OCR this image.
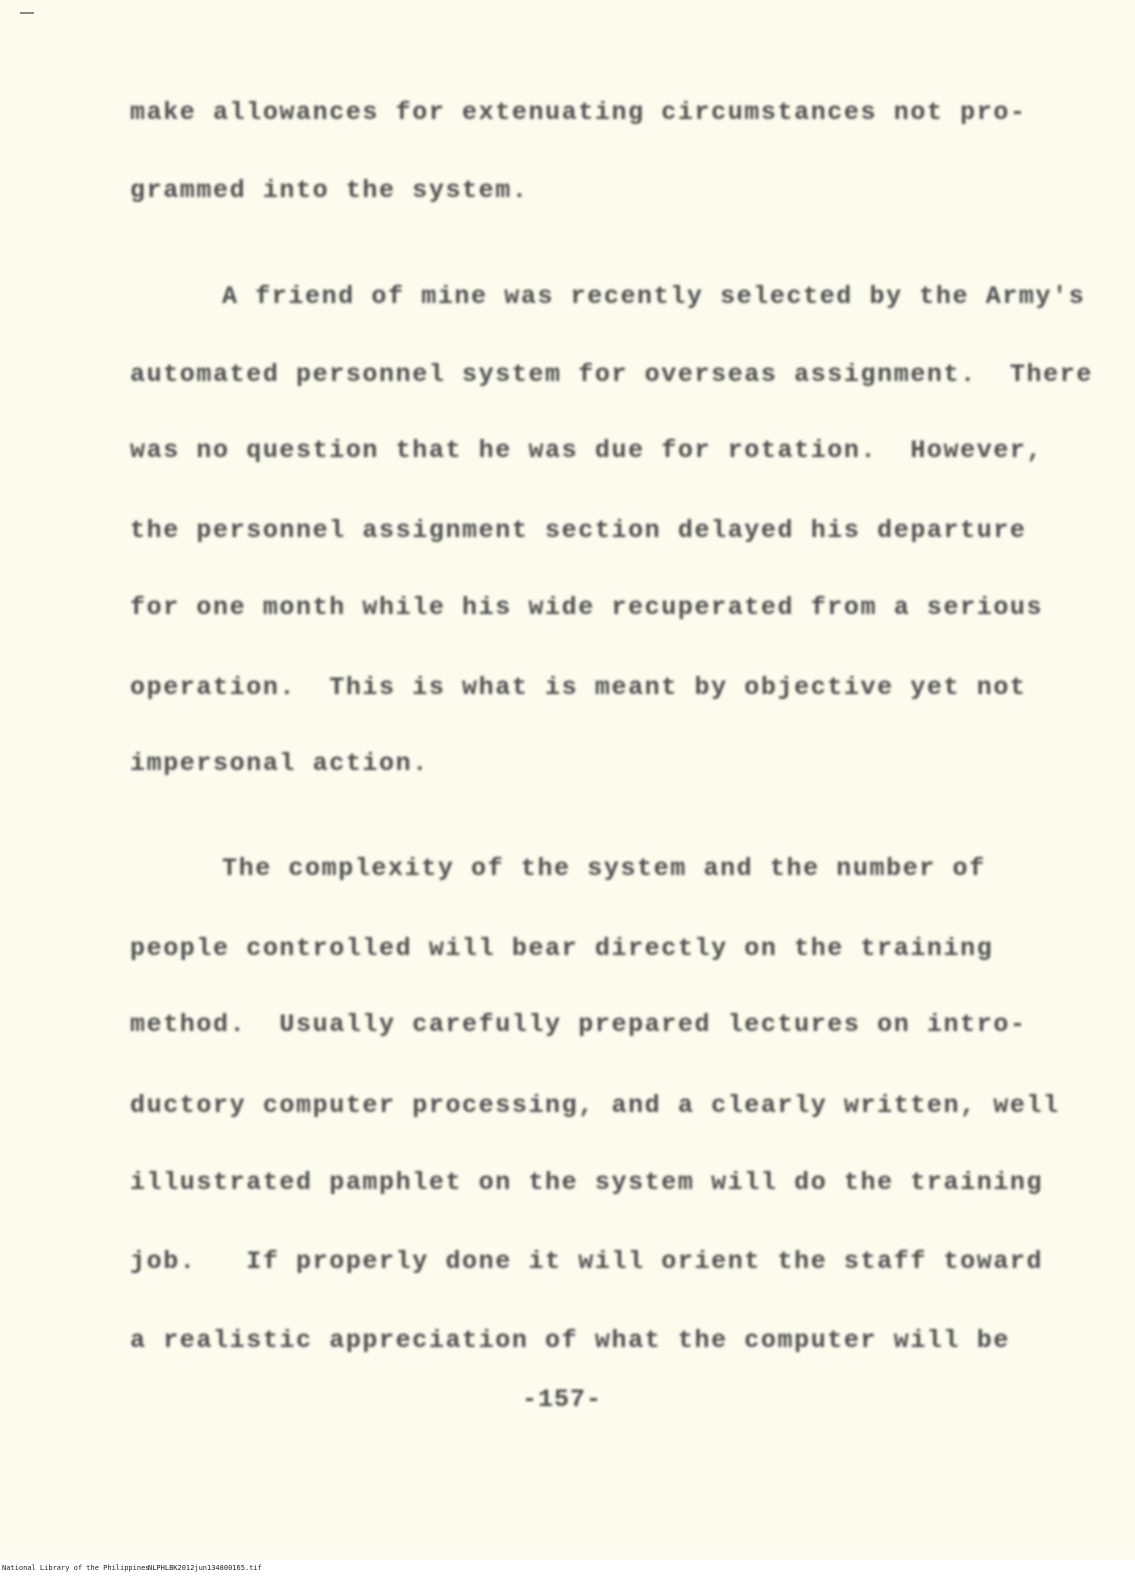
make allowances for extenuating circumstances not pro-
grammed into the system.
A friend of mine was recently selected by the Army's
automated personnel system for overseas assignment.  There
was no question that he was due for rotation.  However,
the personnel assignment section delayed his departure
for one month while his wide recuperated from a serious
operation.  This is what is meant by objective yet not
impersonal action.
The complexity of the system and the number of
people controlled will bear directly on the training
method.  Usually carefully prepared lectures on intro-
ductory computer processing, and a clearly written, well
illustrated pamphlet on the system will do the training
job.   If properly done it will orient the staff toward
a realistic appreciation of what the computer will be
-157-
National Library of the Philippines
NLPHLBK2012jun134800165.tif
